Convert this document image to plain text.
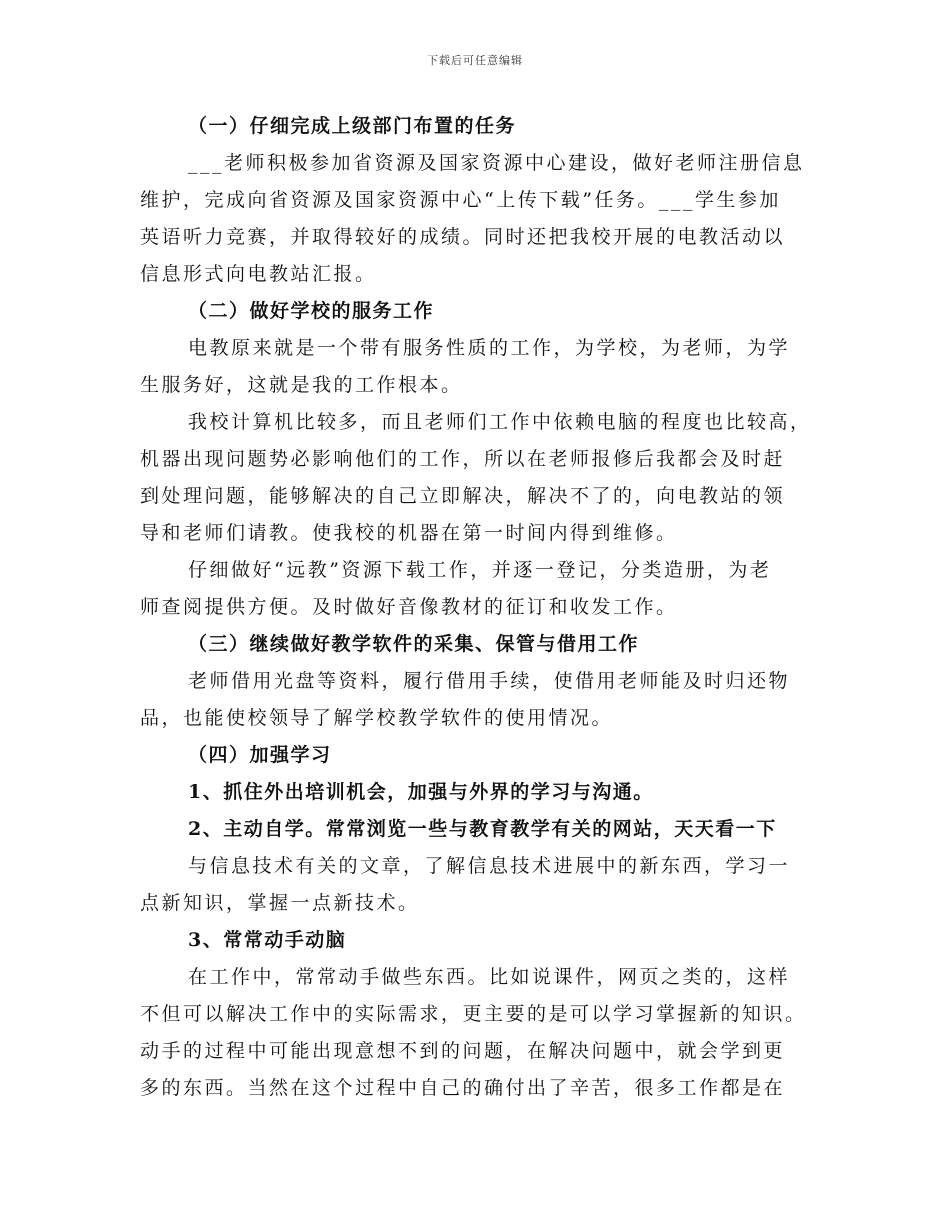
下载后可任意编辑
（一）仔细完成上级部门布置的任务
___老师积极参加省资源及国家资源中心建设，做好老师注册信息
维护，完成向省资源及国家资源中心“上传下载”任务。___学生参加
英语听力竞赛，并取得较好的成绩。同时还把我校开展的电教活动以
信息形式向电教站汇报。
（二）做好学校的服务工作
电教原来就是一个带有服务性质的工作，为学校，为老师，为学
生服务好，这就是我的工作根本。
我校计算机比较多，而且老师们工作中依赖电脑的程度也比较高，
机器出现问题势必影响他们的工作，所以在老师报修后我都会及时赶
到处理问题，能够解决的自己立即解决，解决不了的，向电教站的领
导和老师们请教。使我校的机器在第一时间内得到维修。
仔细做好“远教”资源下载工作，并逐一登记，分类造册，为老
师查阅提供方便。及时做好音像教材的征订和收发工作。
（三）继续做好教学软件的采集、保管与借用工作
老师借用光盘等资料，履行借用手续，使借用老师能及时归还物
品，也能使校领导了解学校教学软件的使用情况。
（四）加强学习
1、抓住外出培训机会，加强与外界的学习与沟通。
2、主动自学。常常浏览一些与教育教学有关的网站，天天看一下
与信息技术有关的文章，了解信息技术进展中的新东西，学习一
点新知识，掌握一点新技术。
3、常常动手动脑
在工作中，常常动手做些东西。比如说课件，网页之类的，这样
不但可以解决工作中的实际需求，更主要的是可以学习掌握新的知识。
动手的过程中可能出现意想不到的问题，在解决问题中，就会学到更
多的东西。当然在这个过程中自己的确付出了辛苦，很多工作都是在
